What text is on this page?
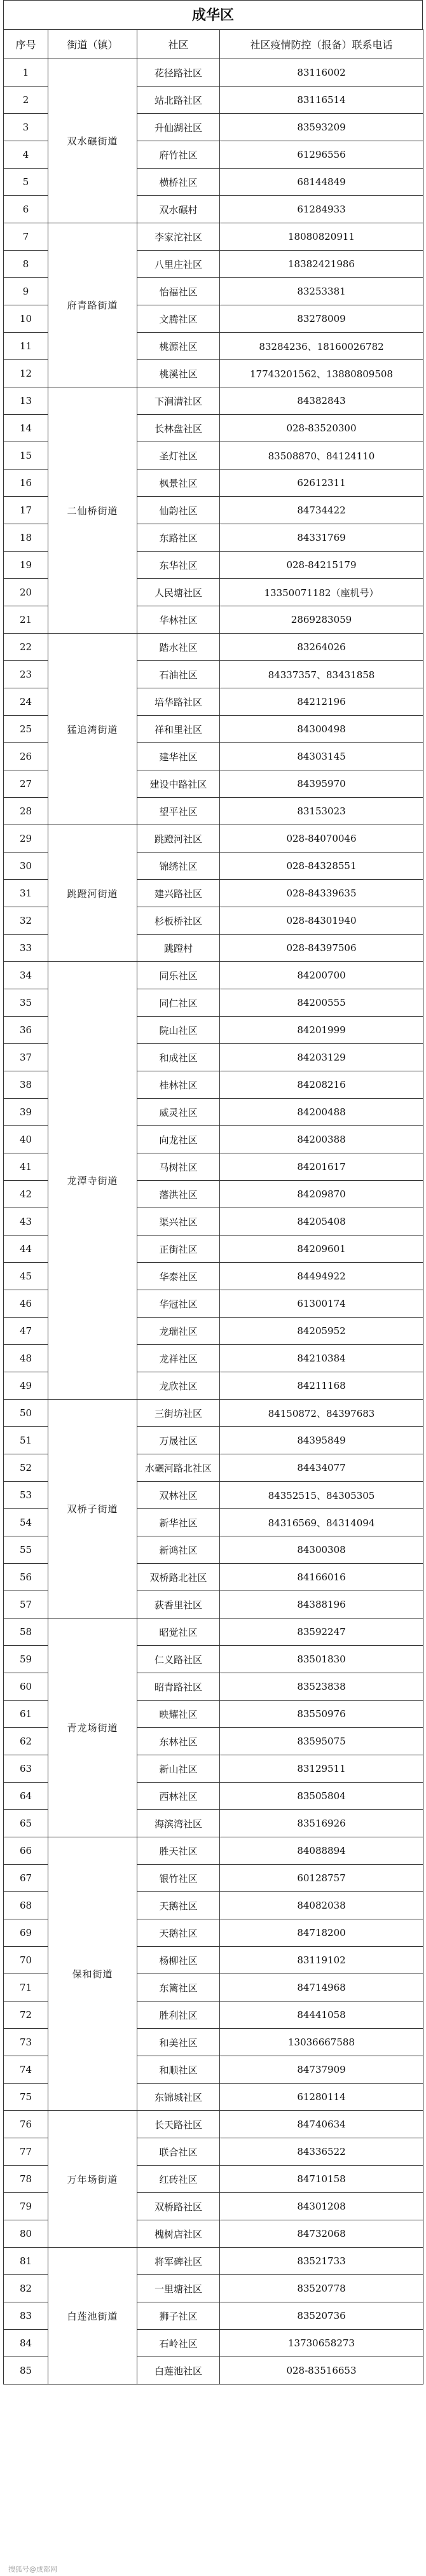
成华区
序号	街道（镇）	社区	社区疫情防控（报备）联系电话
1	双水碾街道	花径路社区	83116002
2		站北路社区	83116514
3		升仙湖社区	83593209
4		府竹社区	61296556
5		横桥社区	68144849
6		双水碾村	61284933
7	府青路街道	李家沱社区	18080820911
8		八里庄社区	18382421986
9		怡福社区	83253381
10		文腾社区	83278009
11		桃源社区	83284236、18160026782
12		桃溪社区	17743201562、13880809508
13	二仙桥街道	下涧漕社区	84382843
14		长林盘社区	028-83520300
15		圣灯社区	83508870、84124110
16		枫景社区	62612311
17		仙韵社区	84734422
18		东路社区	84331769
19		东华社区	028-84215179
20		人民塘社区	13350071182（座机号）
21		华林社区	2869283059
22	猛追湾街道	踏水社区	83264026
23		石油社区	84337357、83431858
24		培华路社区	84212196
25		祥和里社区	84300498
26		建华社区	84303145
27		建设中路社区	84395970
28		望平社区	83153023
29	跳蹬河街道	跳蹬河社区	028-84070046
30		锦绣社区	028-84328551
31		建兴路社区	028-84339635
32		杉板桥社区	028-84301940
33		跳蹬村	028-84397506
34	龙潭寺街道	同乐社区	84200700
35		同仁社区	84200555
36		院山社区	84201999
37		和成社区	84203129
38		桂林社区	84208216
39		威灵社区	84200488
40		向龙社区	84200388
41		马树社区	84201617
42		藩洪社区	84209870
43		渠兴社区	84205408
44		正街社区	84209601
45		华泰社区	84494922
46		华冠社区	61300174
47		龙瑞社区	84205952
48		龙祥社区	84210384
49		龙欣社区	84211168
50	双桥子街道	三街坊社区	84150872、84397683
51		万晟社区	84395849
52		水碾河路北社区	84434077
53		双林社区	84352515、84305305
54		新华社区	84316569、84314094
55		新鸿社区	84300308
56		双桥路北社区	84166016
57		荻香里社区	84388196
58	青龙场街道	昭觉社区	83592247
59		仁义路社区	83501830
60		昭青路社区	83523838
61		映耀社区	83550976
62		东林社区	83595075
63		新山社区	83129511
64		西林社区	83505804
65		海滨湾社区	83516926
66	保和街道	胜天社区	84088894
67		银竹社区	60128757
68		天鹅社区	84082038
69		天鹅社区	84718200
70		杨柳社区	83119102
71		东篱社区	84714968
72		胜利社区	84441058
73		和美社区	13036667588
74		和顺社区	84737909
75		东锦城社区	61280114
76	万年场街道	长天路社区	84740634
77		联合社区	84336522
78		红砖社区	84710158
79		双桥路社区	84301208
80		槐树店社区	84732068
81	白莲池街道	将军碑社区	83521733
82		一里塘社区	83520778
83		狮子社区	83520736
84		石岭社区	13730658273
85		白莲池社区	028-83516653
搜狐号@成都网
